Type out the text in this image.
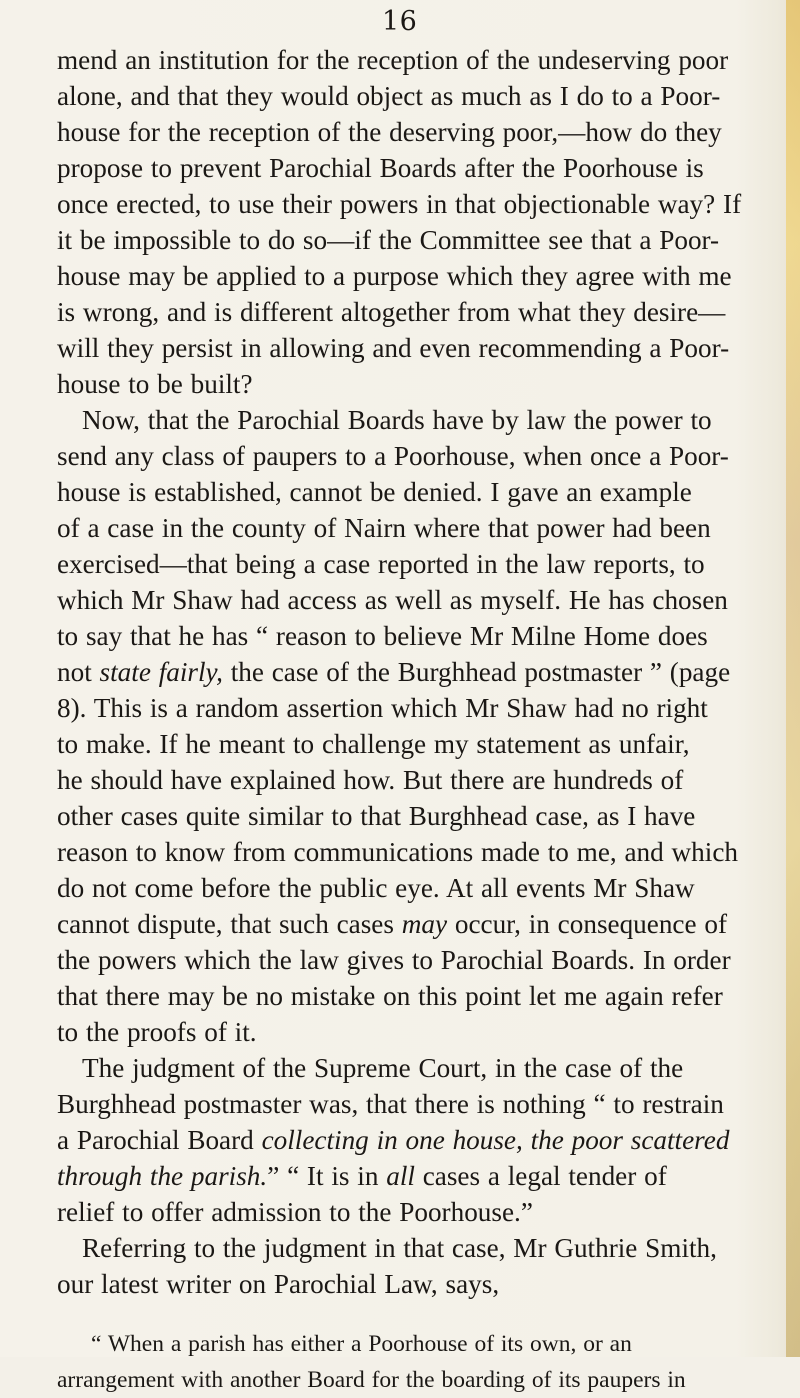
16
mend an institution for the reception of the undeserving poor
alone, and that they would object as much as I do to a Poor-
house for the reception of the deserving poor,—how do they
propose to prevent Parochial Boards after the Poorhouse is
once erected, to use their powers in that objectionable way? If
it be impossible to do so—if the Committee see that a Poor-
house may be applied to a purpose which they agree with me
is wrong, and is different altogether from what they desire—
will they persist in allowing and even recommending a Poor-
house to be built?
Now, that the Parochial Boards have by law the power to
send any class of paupers to a Poorhouse, when once a Poor-
house is established, cannot be denied. I gave an example
of a case in the county of Nairn where that power had been
exercised—that being a case reported in the law reports, to
which Mr Shaw had access as well as myself. He has chosen
to say that he has “ reason to believe Mr Milne Home does
not state fairly, the case of the Burghhead postmaster ” (page
8). This is a random assertion which Mr Shaw had no right
to make. If he meant to challenge my statement as unfair,
he should have explained how. But there are hundreds of
other cases quite similar to that Burghhead case, as I have
reason to know from communications made to me, and which
do not come before the public eye. At all events Mr Shaw
cannot dispute, that such cases may occur, in consequence of
the powers which the law gives to Parochial Boards. In order
that there may be no mistake on this point let me again refer
to the proofs of it.
The judgment of the Supreme Court, in the case of the
Burghhead postmaster was, that there is nothing “ to restrain
a Parochial Board collecting in one house, the poor scattered
through the parish.” “ It is in all cases a legal tender of
relief to offer admission to the Poorhouse.”
Referring to the judgment in that case, Mr Guthrie Smith,
our latest writer on Parochial Law, says,
“ When a parish has either a Poorhouse of its own, or an
arrangement with another Board for the boarding of its paupers in
